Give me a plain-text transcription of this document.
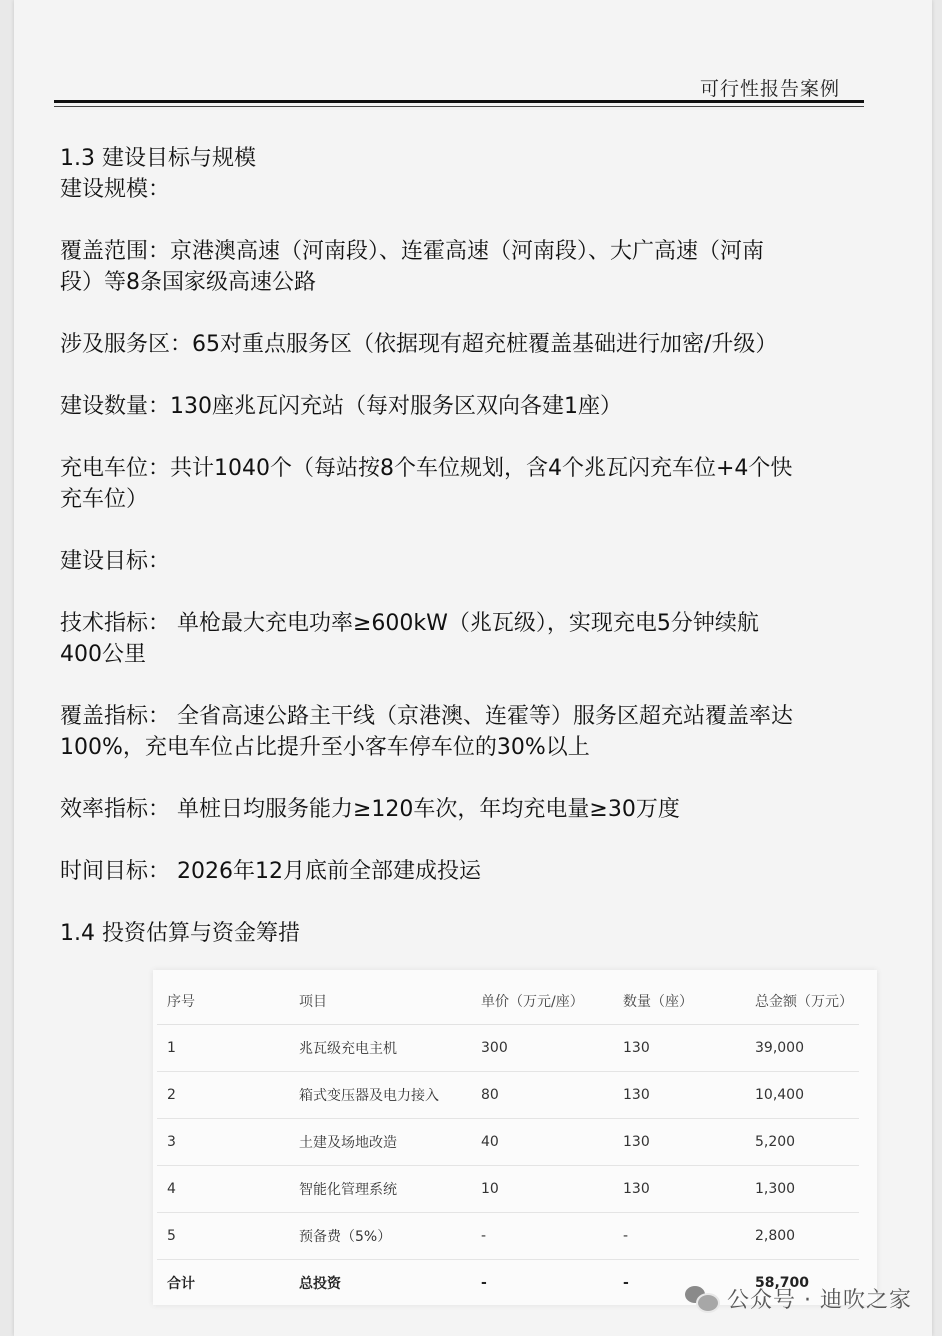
可行性报告案例

1.3 建设目标与规模

建设规模：

覆盖范围：京港澳高速（河南段）、连霍高速（河南段）、大广高速（河南

段）等8条国家级高速公路

涉及服务区：65对重点服务区（依据现有超充桩覆盖基础进行加密/升级）

建设数量：130座兆瓦闪充站（每对服务区双向各建1座）

充电车位：共计1040个（每站按8个车位规划，含4个兆瓦闪充车位+4个快

充车位）

建设目标：

技术指标： 单枪最大充电功率≥600kW（兆瓦级），实现充电5分钟续航

400公里

覆盖指标： 全省高速公路主干线（京港澳、连霍等）服务区超充站覆盖率达

100%，充电车位占比提升至小客车停车位的30%以上

效率指标： 单桩日均服务能力≥120车次，年均充电量≥30万度

时间目标： 2026年12月底前全部建成投运

1.4 投资估算与资金筹措

序号	项目	单价（万元/座）	数量（座）	总金额（万元）
1	兆瓦级充电主机	300	130	39,000
2	箱式变压器及电力接入	80	130	10,400
3	土建及场地改造	40	130	5,200
4	智能化管理系统	10	130	1,300
5	预备费（5%）	-	-	2,800
合计	总投资	-	-	58,700
公众号 · 迪吹之家
